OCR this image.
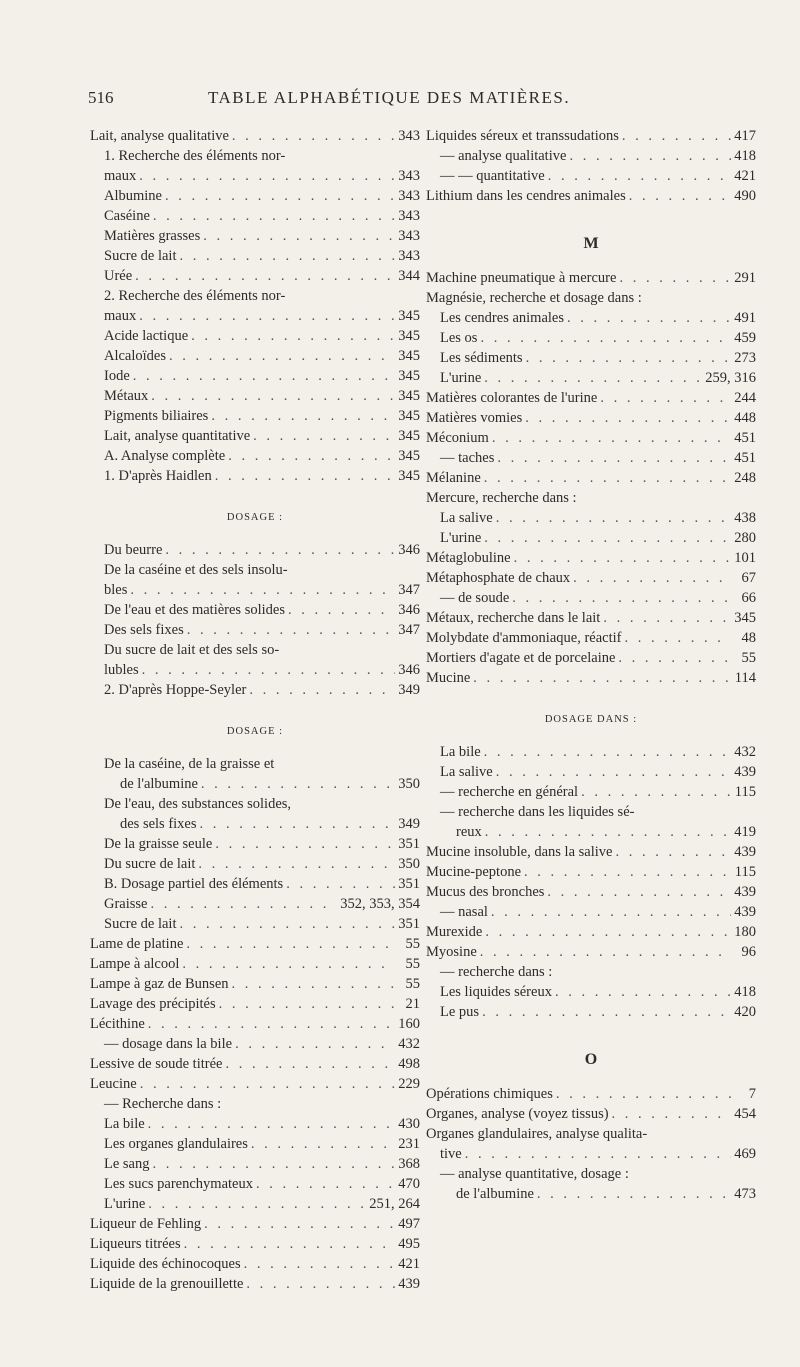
516	TABLE ALPHABÉTIQUE DES MATIÈRES.
Lait, analyse qualitative . . .	343
1. Recherche des éléments nor-
maux . . .	343
Albumine . . .	343
Caséine . . .	343
Matières grasses . . .	343
Sucre de lait . . .	343
Urée . . .	344
2. Recherche des éléments nor-
maux . . .	345
Acide lactique . . .	345
Alcaloïdes . . .	345
Iode . . .	345
Métaux . . .	345
Pigments biliaires . . .	345
Lait, analyse quantitative . . .	345
A. Analyse complète . . .	345
1. D'après Haidlen . . .	345
DOSAGE :
Du beurre . . .	346
De la caséine et des sels insolu-
bles . . .	347
De l'eau et des matières solides . . .	346
Des sels fixes . . .	347
Du sucre de lait et des sels so-
lubles . . .	346
2. D'après Hoppe-Seyler . . .	349
DOSAGE :
De la caséine, de la graisse et
de l'albumine . . .	350
De l'eau, des substances solides,
des sels fixes . . .	349
De la graisse seule . . .	351
Du sucre de lait . . .	350
B. Dosage partiel des éléments . . .	351
Graisse . . .	352, 353, 354
Sucre de lait . . .	351
Lame de platine . . .	55
Lampe à alcool . . .	55
Lampe à gaz de Bunsen . . .	55
Lavage des précipités . . .	21
Lécithine . . .	160
— dosage dans la bile . . .	432
Lessive de soude titrée . . .	498
Leucine . . .	229
— Recherche dans :
La bile . . .	430
Les organes glandulaires . . .	231
Le sang . . .	368
Les sucs parenchymateux . . .	470
L'urine . . .	251, 264
Liqueur de Fehling . . .	497
Liqueurs titrées . . .	495
Liquide des échinocoques . . .	421
Liquide de la grenouillette . . .	439
Liquides séreux et transsudations . . .	417
— analyse qualitative . . .	418
— — quantitative . . .	421
Lithium dans les cendres animales . . .	490
M
Machine pneumatique à mercure . . .	291
Magnésie, recherche et dosage dans :
Les cendres animales . . .	491
Les os . . .	459
Les sédiments . . .	273
L'urine . . .	259, 316
Matières colorantes de l'urine . . .	244
Matières vomies . . .	448
Méconium . . .	451
— taches . . .	451
Mélanine . . .	248
Mercure, recherche dans :
La salive . . .	438
L'urine . . .	280
Métaglobuline . . .	101
Métaphosphate de chaux . . .	67
— de soude . . .	66
Métaux, recherche dans le lait . . .	345
Molybdate d'ammoniaque, réactif . . .	48
Mortiers d'agate et de porcelaine . . .	55
Mucine . . .	114
DOSAGE DANS :
La bile . . .	432
La salive . . .	439
— recherche en général . . .	115
— recherche dans les liquides sé-
reux . . .	419
Mucine insoluble, dans la salive . . .	439
Mucine-peptone . . .	115
Mucus des bronches . . .	439
— nasal . . .	439
Murexide . . .	180
Myosine . . .	96
— recherche dans :
Les liquides séreux . . .	418
Le pus . . .	420
O
Opérations chimiques . . .	7
Organes, analyse (voyez tissus) . . .	454
Organes glandulaires, analyse qualita-
tive . . .	469
— analyse quantitative, dosage :
de l'albumine . . .	473
